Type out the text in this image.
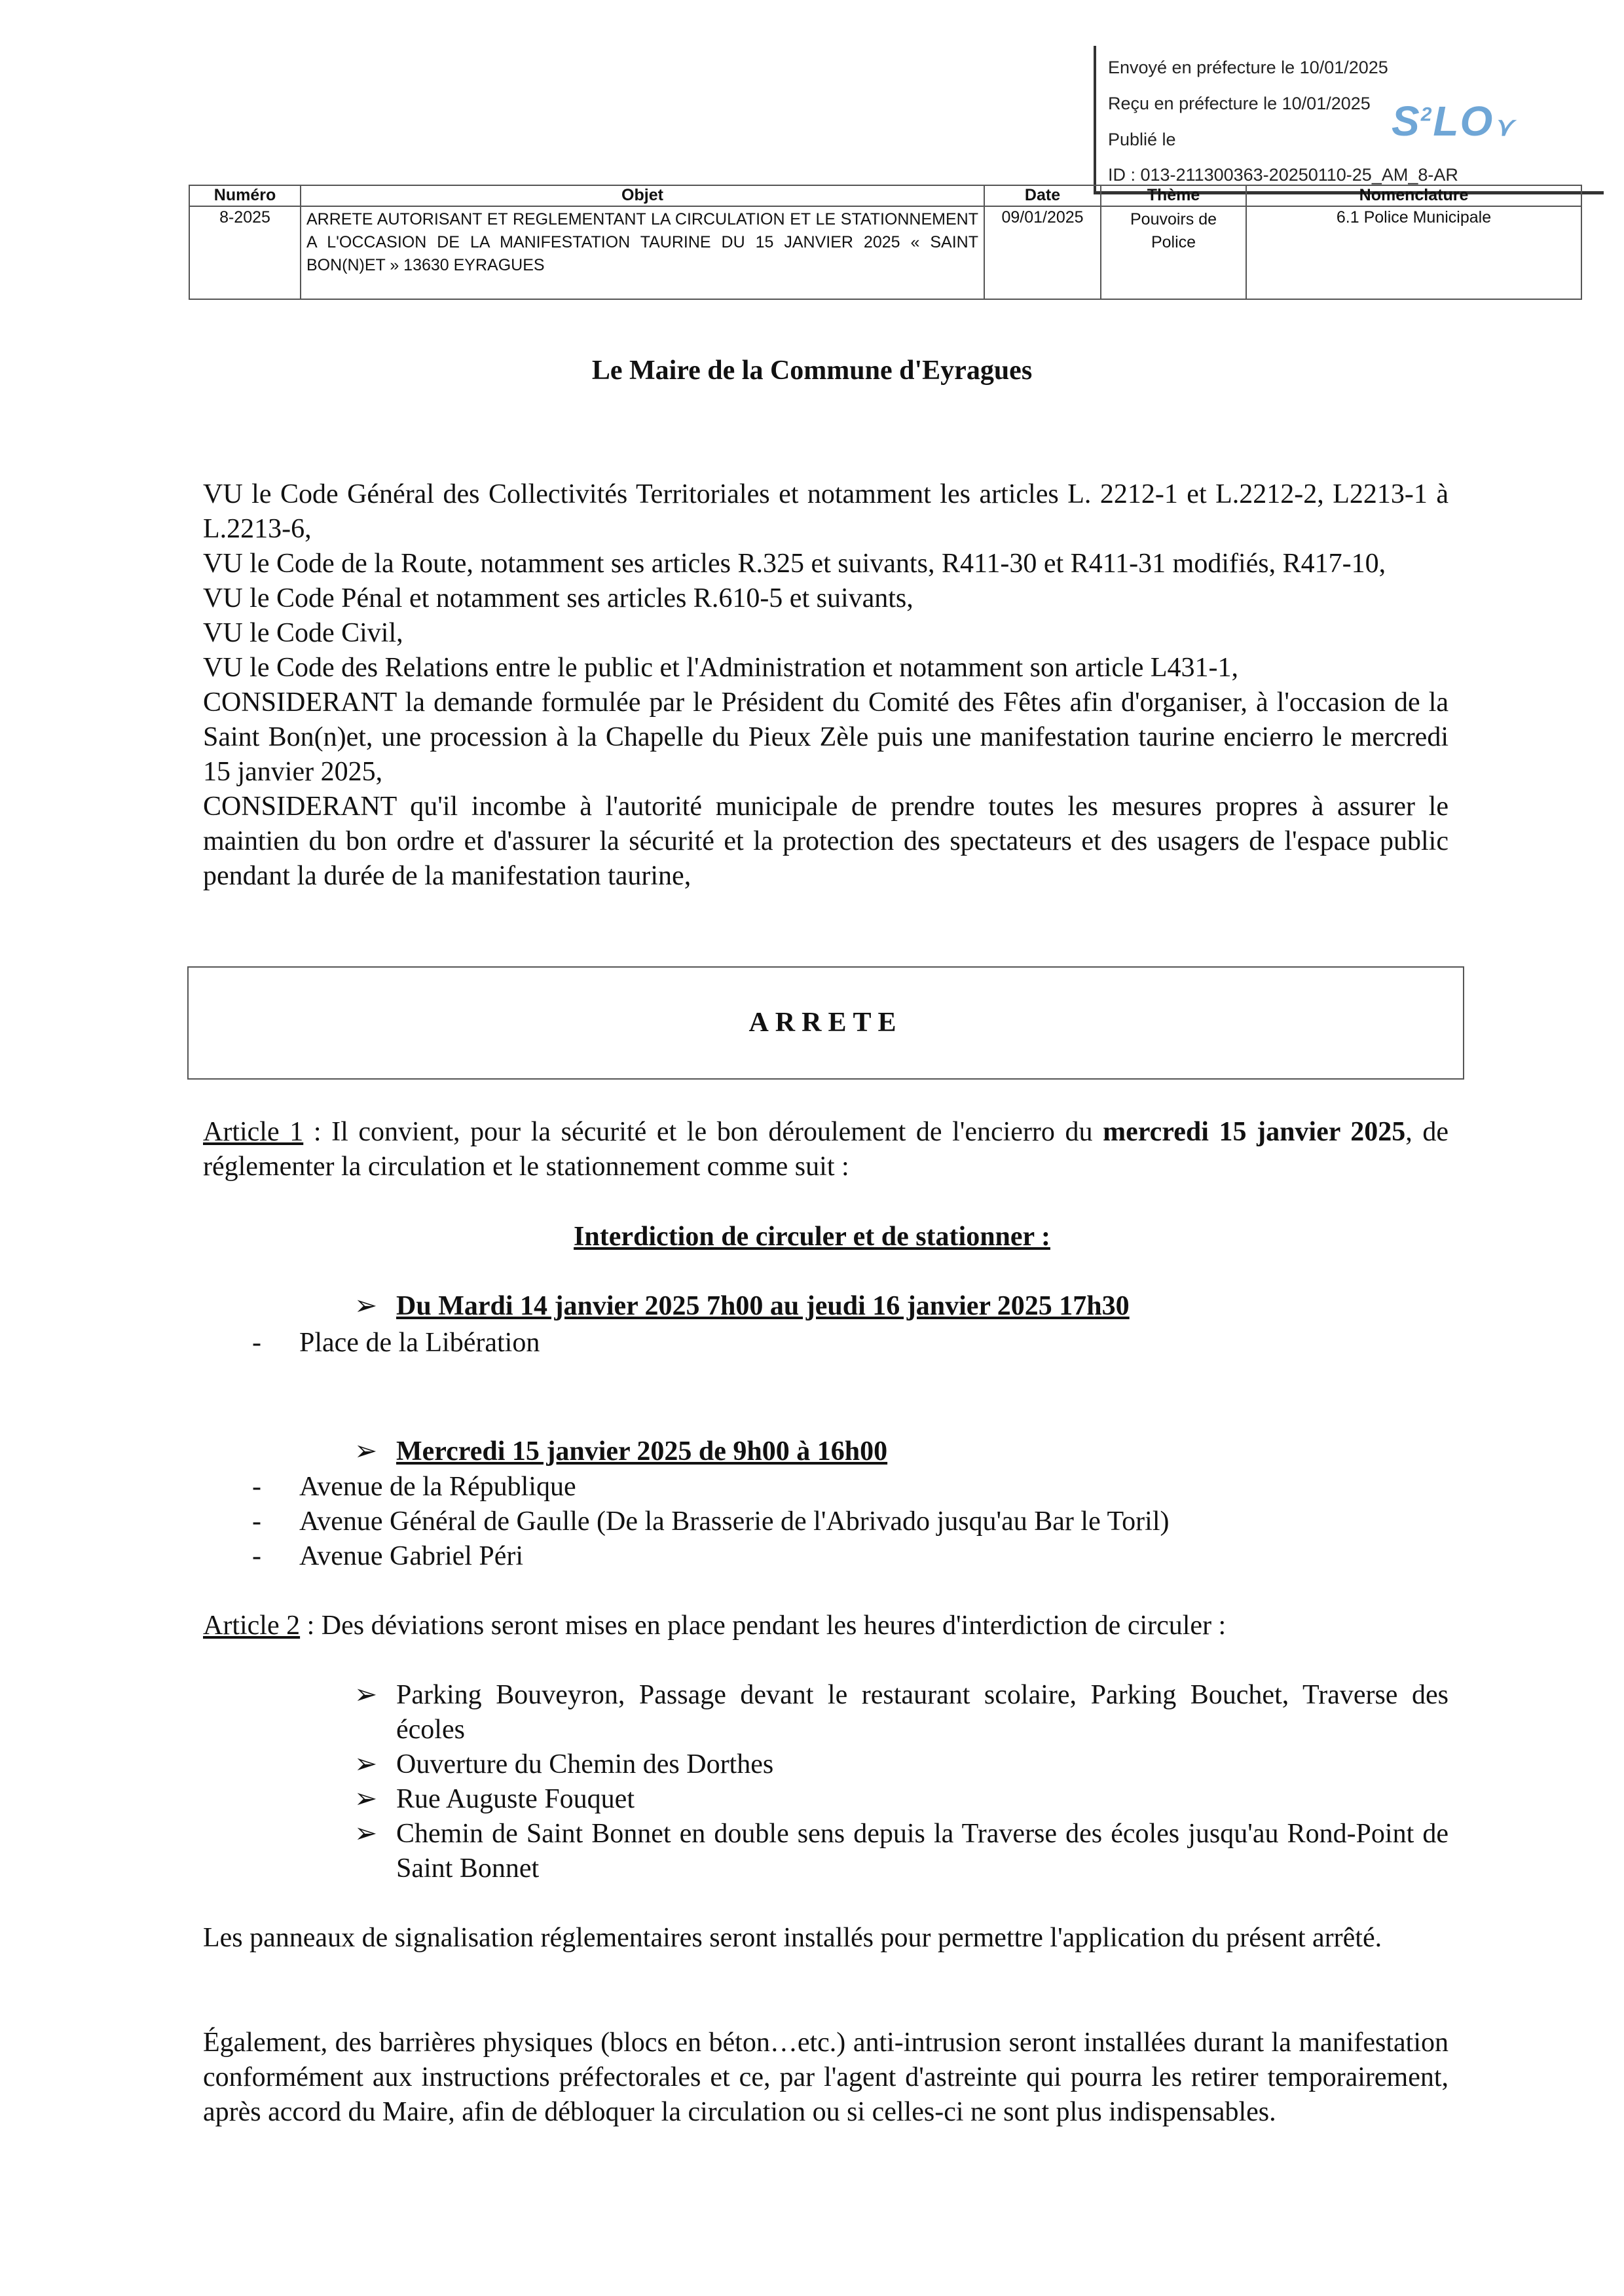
Envoyé en préfecture le 10/01/2025
Reçu en préfecture le 10/01/2025
Publié le
ID : 013-211300363-20250110-25_AM_8-AR
$S^2LO⋎$
Numéro	Objet	Date	Thème	Nomenclature
8-2025	ARRETE AUTORISANT ET REGLEMENTANT LA CIRCULATION ET LE STATIONNEMENT A L'OCCASION DE LA MANIFESTATION TAURINE DU 15 JANVIER 2025 « SAINT BON(N)ET » 13630 EYRAGUES	09/01/2025	Pouvoirs de Police	6.1 Police Municipale
Le Maire de la Commune d'Eyragues
VU le Code Général des Collectivités Territoriales et notamment les articles L. 2212-1 et L.2212-2, L2213-1 à L.2213-6,
VU le Code de la Route, notamment ses articles R.325 et suivants, R411-30 et R411-31 modifiés, R417-10,
VU le Code Pénal et notamment ses articles R.610-5 et suivants,
VU le Code Civil,
VU le Code des Relations entre le public et l'Administration et notamment son article L431-1,
CONSIDERANT la demande formulée par le Président du Comité des Fêtes afin d'organiser, à l'occasion de la Saint Bon(n)et, une procession à la Chapelle du Pieux Zèle puis une manifestation taurine encierro le mercredi 15 janvier 2025,
CONSIDERANT qu'il incombe à l'autorité municipale de prendre toutes les mesures propres à assurer le maintien du bon ordre et d'assurer la sécurité et la protection des spectateurs et des usagers de l'espace public pendant la durée de la manifestation taurine,
ARRETE
Article 1 : Il convient, pour la sécurité et le bon déroulement de l'encierro du mercredi 15 janvier 2025, de réglementer la circulation et le stationnement comme suit :
Interdiction de circuler et de stationner :
➢ Du Mardi 14 janvier 2025 7h00 au jeudi 16 janvier 2025 17h30
- Place de la Libération
➢ Mercredi 15 janvier 2025 de 9h00 à 16h00
- Avenue de la République
- Avenue Général de Gaulle (De la Brasserie de l'Abrivado jusqu'au Bar le Toril)
- Avenue Gabriel Péri
Article 2 : Des déviations seront mises en place pendant les heures d'interdiction de circuler :
➢ Parking Bouveyron, Passage devant le restaurant scolaire, Parking Bouchet, Traverse des écoles
➢ Ouverture du Chemin des Dorthes
➢ Rue Auguste Fouquet
➢ Chemin de Saint Bonnet en double sens depuis la Traverse des écoles jusqu'au Rond-Point de Saint Bonnet
Les panneaux de signalisation réglementaires seront installés pour permettre l'application du présent arrêté.
Également, des barrières physiques (blocs en béton…etc.) anti-intrusion seront installées durant la manifestation conformément aux instructions préfectorales et ce, par l'agent d'astreinte qui pourra les retirer temporairement, après accord du Maire, afin de débloquer la circulation ou si celles-ci ne sont plus indispensables.
